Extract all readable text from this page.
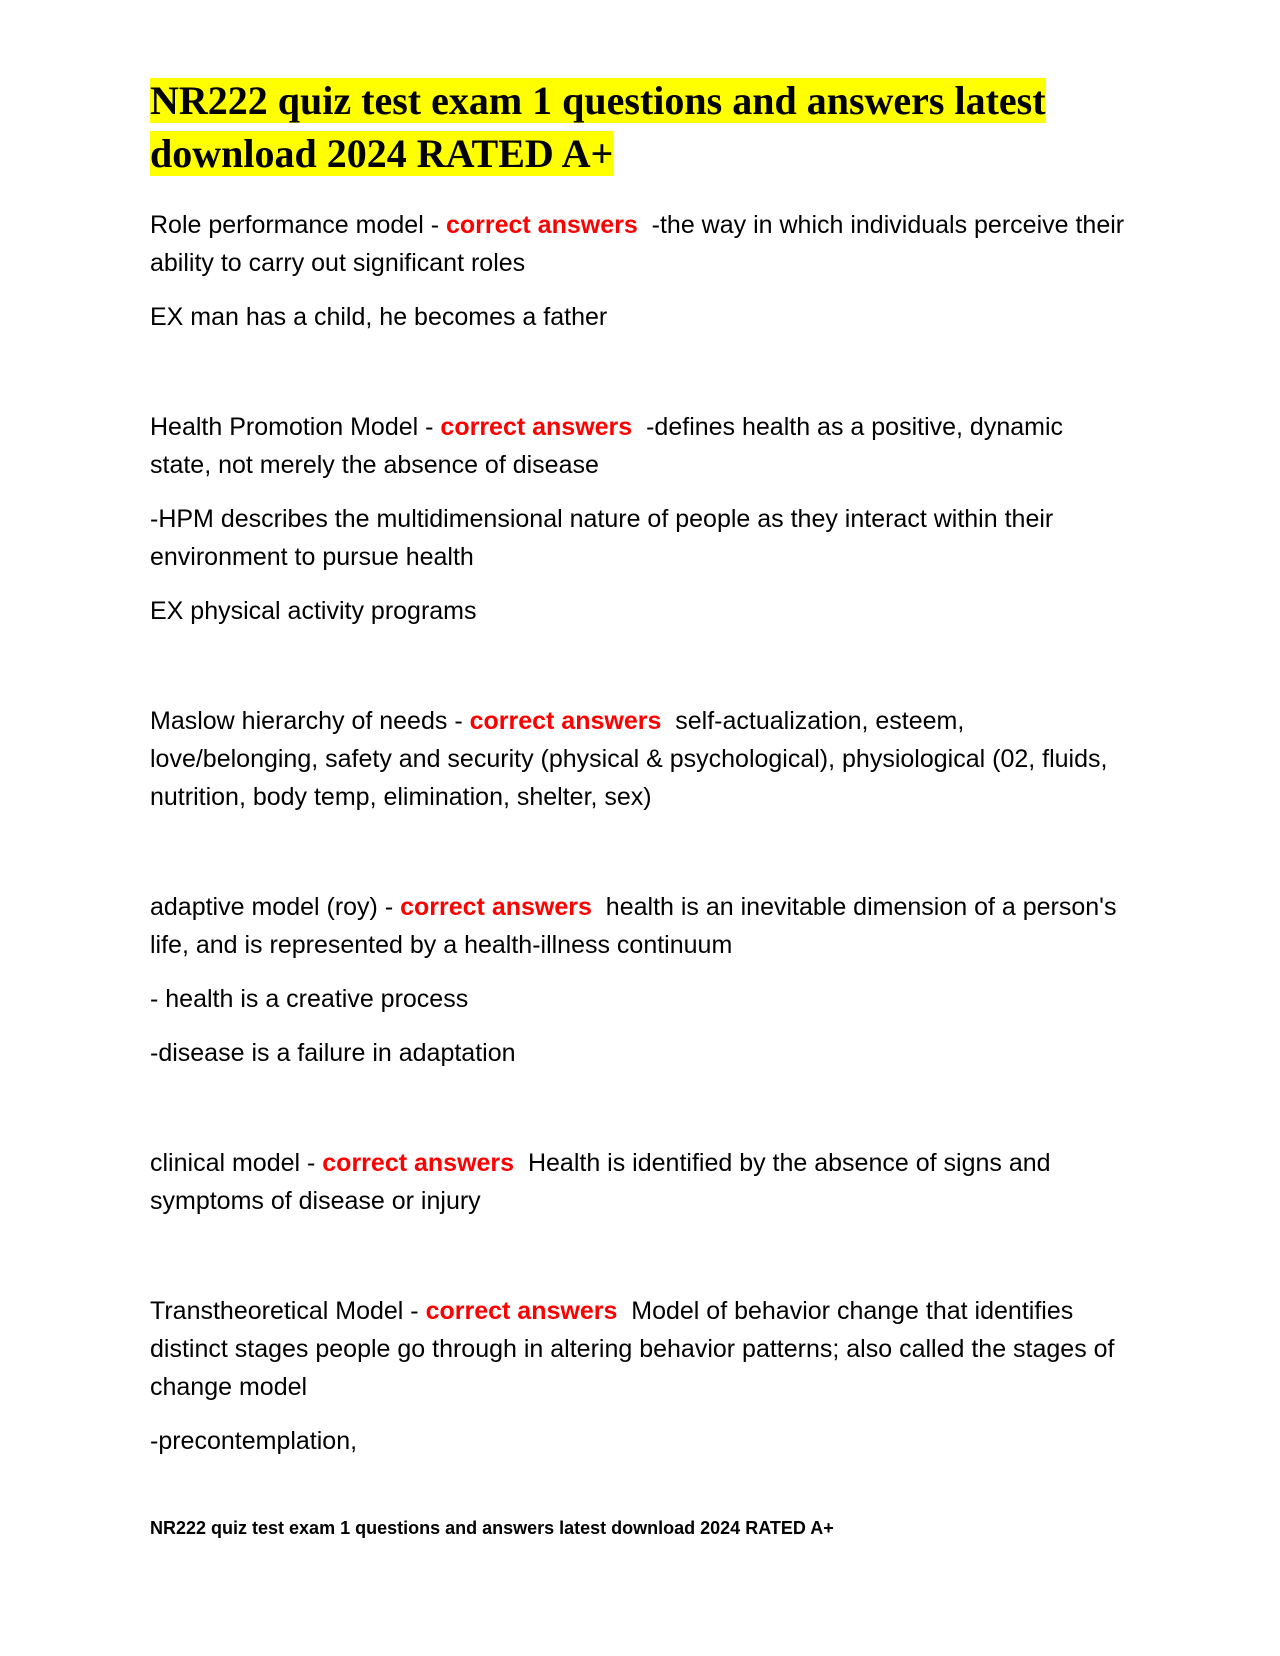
NR222 quiz test exam 1 questions and answers latest download 2024 RATED A+

Role performance model - correct answers -the way in which individuals perceive their ability to carry out significant roles

EX man has a child, he becomes a father

Health Promotion Model - correct answers -defines health as a positive, dynamic state, not merely the absence of disease

-HPM describes the multidimensional nature of people as they interact within their environment to pursue health

EX physical activity programs

Maslow hierarchy of needs - correct answers self-actualization, esteem, love/belonging, safety and security (physical & psychological), physiological (02, fluids, nutrition, body temp, elimination, shelter, sex)

adaptive model (roy) - correct answers health is an inevitable dimension of a person's life, and is represented by a health-illness continuum

- health is a creative process

-disease is a failure in adaptation

clinical model - correct answers Health is identified by the absence of signs and symptoms of disease or injury

Transtheoretical Model - correct answers Model of behavior change that identifies distinct stages people go through in altering behavior patterns; also called the stages of change model

-precontemplation,

NR222 quiz test exam 1 questions and answers latest download 2024 RATED A+
